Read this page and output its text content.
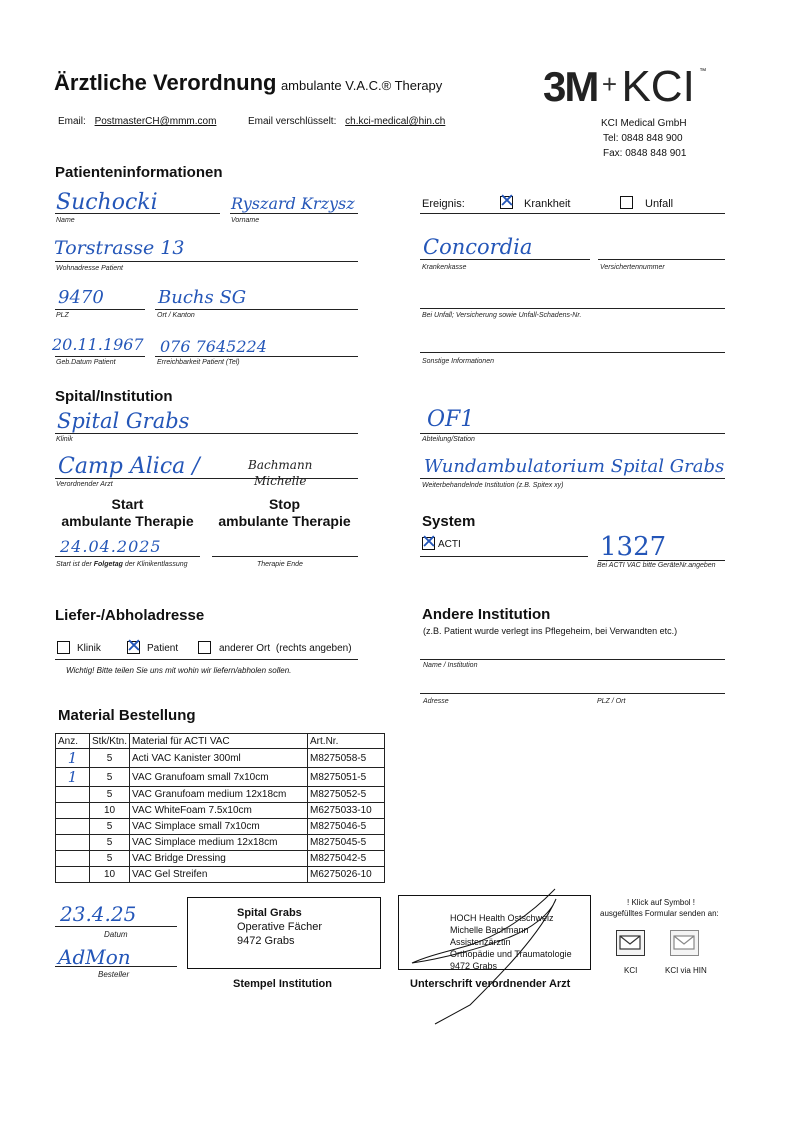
Ärztliche Verordnung ambulante V.A.C.® Therapy 3M + KCI ™
Email: PostmasterCH@mmm.com	Email verschlüsselt: ch.kci-medical@hin.ch	KCI Medical GmbH
Tel: 0848 848 900
Fax: 0848 848 901
Patienteninformationen
Suchocki
Name
Ryszard Krzysz
Vorname
Torstrasse 13
Wohnadresse Patient
9470
PLZ
Buchs SG
Ort / Kanton
20.11.1967
Geb.Datum Patient
076 7645224
Erreichbarkeit Patient (Tel)
Ereignis: ✕ Krankheit	Unfall
Concordia
Krankenkasse	Versichertennummer
Bei Unfall; Versicherung sowie Unfall-Schadens-Nr.
Sonstige Informationen
Spital/Institution
Spital Grabs
Klinik
OF1
Abteilung/Station
Camp Alica /	Bachmann
Michelle
Verordnender Arzt
Wundambulatorium Spital Grabs
Weiterbehandelnde Institution (z.B. Spitex xy)
Start
ambulante Therapie
Stop
ambulante Therapie
24.04.2025
Start ist der Folgetag der Klinikentlassung	Therapie Ende
System
✕ ACTI	1327
Bei ACTI VAC bitte GeräteNr.angeben
Liefer-/Abholadresse
Klinik ✕ Patient	anderer Ort (rechts angeben)
Wichtig! Bitte teilen Sie uns mit wohin wir liefern/abholen sollen.
Andere Institution
(z.B. Patient wurde verlegt ins Pflegeheim, bei Verwandten etc.)
Name / Institution
Adresse	PLZ / Ort
Material Bestellung
Anz.	Stk/Ktn.	Material für ACTI VAC	Art.Nr.
1	5	Acti VAC Kanister 300ml	M8275058-5
1	5	VAC Granufoam small 7x10cm	M8275051-5
	5	VAC Granufoam medium 12x18cm	M8275052-5
	10	VAC WhiteFoam 7.5x10cm	M6275033-10
	5	VAC Simplace small 7x10cm	M8275046-5
	5	VAC Simplace medium 12x18cm	M8275045-5
	5	VAC Bridge Dressing	M8275042-5
	10	VAC Gel Streifen	M6275026-10
23.4.25
Datum
AdMon
Besteller
Spital Grabs
Operative Fächer
9472 Grabs
Stempel Institution
HOCH Health Ostschweiz
Michelle Bachmann
Assistenzärztin
Orthopädie und Traumatologie
9472 Grabs
Unterschrift verordnender Arzt
! Klick auf Symbol !
ausgefülltes Formular senden an:
KCI	KCI via HIN
